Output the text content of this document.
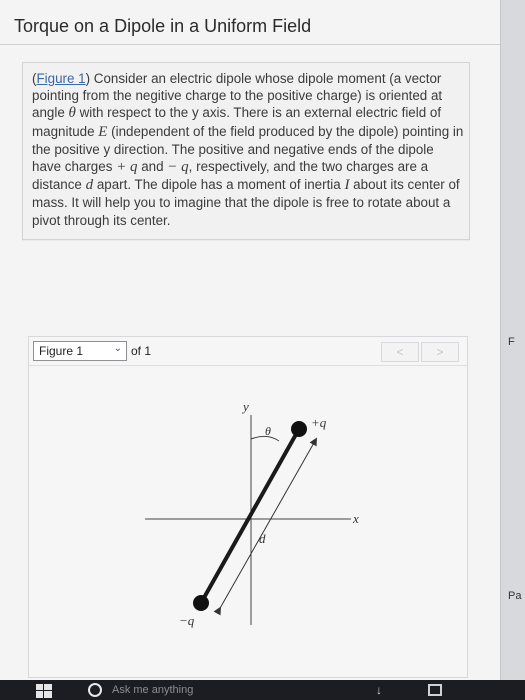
Torque on a Dipole in a Uniform Field
(Figure 1) Consider an electric dipole whose dipole moment (a vector pointing from the negitive charge to the positive charge) is oriented at angle θ with respect to the y axis. There is an external electric field of magnitude E (independent of the field produced by the dipole) pointing in the positive y direction. The positive and negative ends of the dipole have charges + q and − q, respectively, and the two charges are a distance d apart. The dipole has a moment of inertia I about its center of mass. It will help you to imagine that the dipole is free to rotate about a pivot through its center.
Figure 1	⌄ of 1	<	>
y
x
θ
+q
−q
d
F
Pa
Ask me anything	↓
